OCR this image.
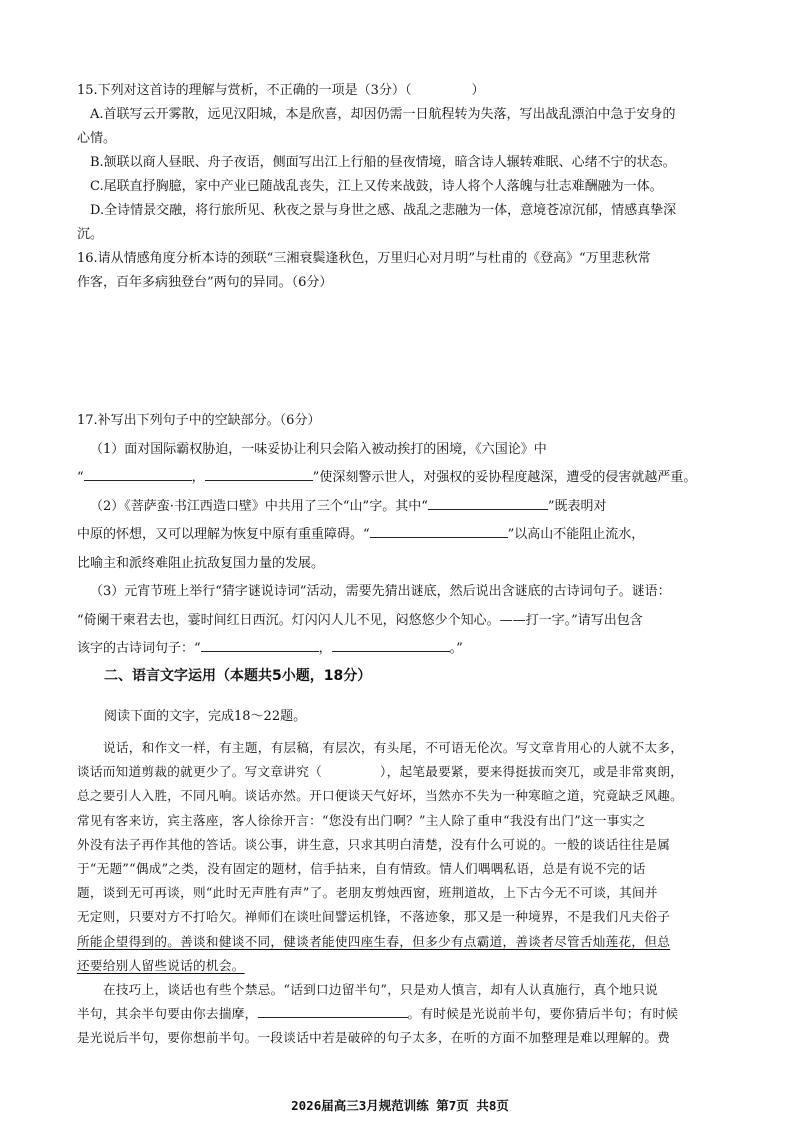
15.下列对这首诗的理解与赏析，不正确的一项是（3分）（	）
A.首联写云开雾散，远见汉阳城，本是欣喜，却因仍需一日航程转为失落，写出战乱漂泊中急于安身的
心情。
B.颔联以商人昼眠、舟子夜语，侧面写出江上行船的昼夜情境，暗含诗人辗转难眠、心绪不宁的状态。
C.尾联直抒胸臆，家中产业已随战乱丧失，江上又传来战鼓，诗人将个人落魄与壮志难酬融为一体。
D.全诗情景交融，将行旅所见、秋夜之景与身世之感、战乱之悲融为一体，意境苍凉沉郁，情感真挚深
沉。
16.请从情感角度分析本诗的颈联“三湘衰鬓逢秋色，万里归心对月明”与杜甫的《登高》“万里悲秋常
作客，百年多病独登台”两句的异同。（6分）
17.补写出下列句子中的空缺部分。（6分）
（1）面对国际霸权胁迫，一味妥协让利只会陷入被动挨打的困境，《六国论》中
“	，	”使深刻警示世人，对强权的妥协程度越深，遭受的侵害就越严重。
（2）《菩萨蛮·书江西造口壁》中共用了三个“山”字。其中“	”既表明对
中原的怀想，又可以理解为恢复中原有重重障碍。“	”以高山不能阻止流水，
比喻主和派终难阻止抗敌复国力量的发展。
（3）元宵节班上举行“猜字谜说诗词”活动，需要先猜出谜底，然后说出含谜底的古诗词句子。谜语：
“倚阑干柬君去也，霎时间红日西沉。灯闪闪人儿不见，闷悠悠少个知心。——打一字。”请写出包含
该字的古诗词句子：“	，	。”
二、语言文字运用（本题共5小题，18分）
阅读下面的文字，完成18～22题。
说话，和作文一样，有主题，有层稿，有层次，有头尾，不可语无伦次。写文章肯用心的人就不太多，
谈话而知道剪裁的就更少了。写文章讲究（	），起笔最要紧，要来得挺拔而突兀，或是非常爽朗，
总之要引人入胜，不同凡响。谈话亦然。开口便谈天气好坏，当然亦不失为一种寒暄之道，究竟缺乏风趣。
常见有客来访，宾主落座，客人徐徐开言：“您没有出门啊？”主人除了重申“我没有出门”这一事实之
外没有法子再作其他的答话。谈公事，讲生意，只求其明白清楚，没有什么可说的。一般的谈话往往是属
于“无题”“偶成”之类，没有固定的题材，信手拈来，自有情致。情人们喁喁私语，总是有说不完的话
题，谈到无可再谈，则“此时无声胜有声”了。老朋友剪烛西窗，班荆道故，上下古今无不可谈，其间并
无定则，只要对方不打哈欠。禅师们在谈吐间譬运机锋，不落迹象，那又是一种境界，不是我们凡夫俗子
所能企望得到的。善谈和健谈不同，健谈者能使四座生春，但多少有点霸道，善谈者尽管舌灿莲花，但总
还要给别人留些说话的机会。
在技巧上，谈话也有些个禁忌。“话到口边留半句”，只是劝人慎言，却有人认真施行，真个地只说
半句，其余半句要由你去揣摩，	。有时候是光说前半句，要你猜后半句；有时候
是光说后半句，要你想前半句。一段谈话中若是破碎的句子太多，在听的方面不加整理是难以理解的。费
2026届高三3月规范训练 第7页 共8页
